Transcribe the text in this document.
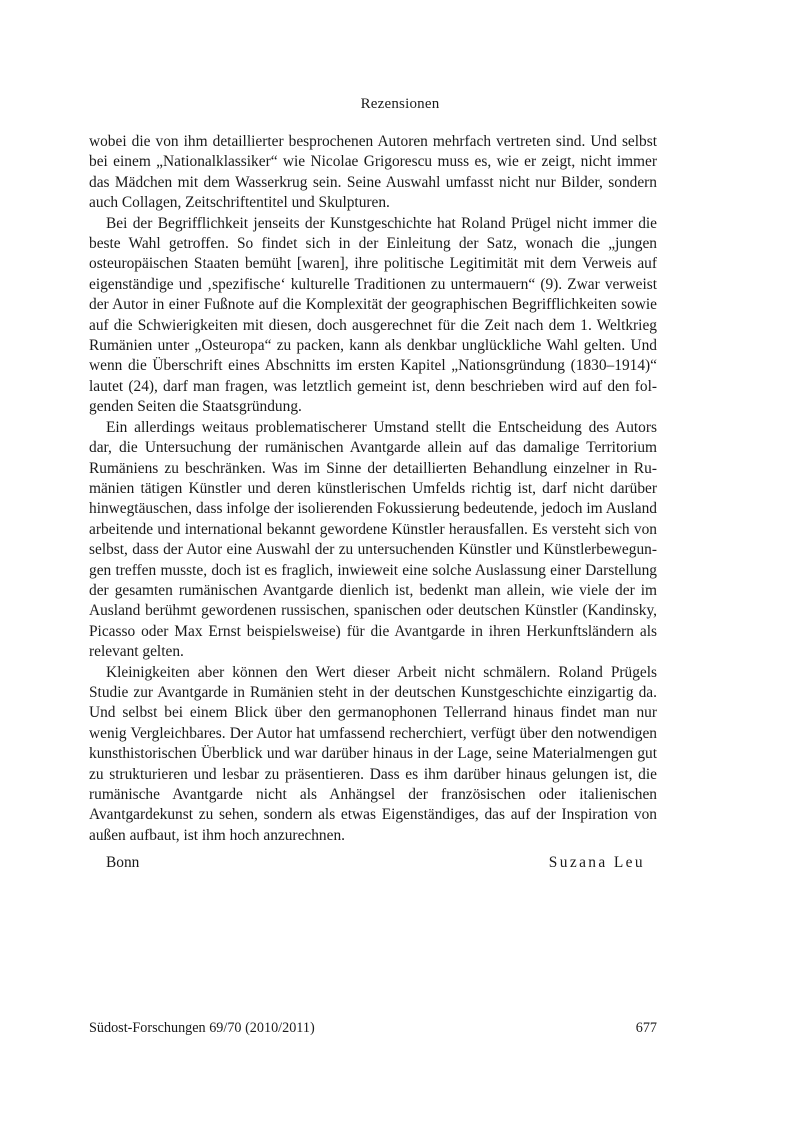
Rezensionen

wobei die von ihm detaillierter besprochenen Autoren mehrfach vertreten sind. Und selbst bei einem „Nationalklassiker“ wie Nicolae Grigorescu muss es, wie er zeigt, nicht immer das Mädchen mit dem Wasserkrug sein. Seine Auswahl umfasst nicht nur Bilder, sondern auch Collagen, Zeitschriftentitel und Skulpturen.

Bei der Begrifflichkeit jenseits der Kunstgeschichte hat Roland Prügel nicht immer die beste Wahl getroffen. So findet sich in der Einleitung der Satz, wonach die „jungen osteuropäischen Staaten bemüht [waren], ihre politische Legitimität mit dem Verweis auf eigenständige und ‚spezifische‘ kulturelle Traditionen zu untermauern“ (9). Zwar verweist der Autor in einer Fußnote auf die Komplexität der geographischen Begrifflichkeiten sowie auf die Schwierigkeiten mit diesen, doch ausgerechnet für die Zeit nach dem 1. Weltkrieg Rumänien unter „Osteuropa“ zu packen, kann als denkbar unglückliche Wahl gelten. Und wenn die Überschrift eines Abschnitts im ersten Kapitel „Nationsgründung (1830–1914)“ lautet (24), darf man fragen, was letztlich gemeint ist, denn beschrieben wird auf den folgenden Seiten die Staatsgründung.

Ein allerdings weitaus problematischerer Umstand stellt die Entscheidung des Autors dar, die Untersuchung der rumänischen Avantgarde allein auf das damalige Territorium Rumäniens zu beschränken. Was im Sinne der detaillierten Behandlung einzelner in Rumänien tätigen Künstler und deren künstlerischen Umfelds richtig ist, darf nicht darüber hinwegtäuschen, dass infolge der isolierenden Fokussierung bedeutende, jedoch im Ausland arbeitende und international bekannt gewordene Künstler herausfallen. Es versteht sich von selbst, dass der Autor eine Auswahl der zu untersuchenden Künstler und Künstlerbewegungen treffen musste, doch ist es fraglich, inwieweit eine solche Auslassung einer Darstellung der gesamten rumänischen Avantgarde dienlich ist, bedenkt man allein, wie viele der im Ausland berühmt gewordenen russischen, spanischen oder deutschen Künstler (Kandinsky, Picasso oder Max Ernst beispielsweise) für die Avantgarde in ihren Herkunftsländern als relevant gelten.

Kleinigkeiten aber können den Wert dieser Arbeit nicht schmälern. Roland Prügels Studie zur Avantgarde in Rumänien steht in der deutschen Kunstgeschichte einzigartig da. Und selbst bei einem Blick über den germanophonen Tellerrand hinaus findet man nur wenig Vergleichbares. Der Autor hat umfassend recherchiert, verfügt über den notwendigen kunsthistorischen Überblick und war darüber hinaus in der Lage, seine Materialmengen gut zu strukturieren und lesbar zu präsentieren. Dass es ihm darüber hinaus gelungen ist, die rumänische Avantgarde nicht als Anhängsel der französischen oder italienischen Avantgardekunst zu sehen, sondern als etwas Eigenständiges, das auf der Inspiration von außen aufbaut, ist ihm hoch anzurechnen.

Bonn	Suzana Leu
Südost-Forschungen 69/70 (2010/2011)	677
